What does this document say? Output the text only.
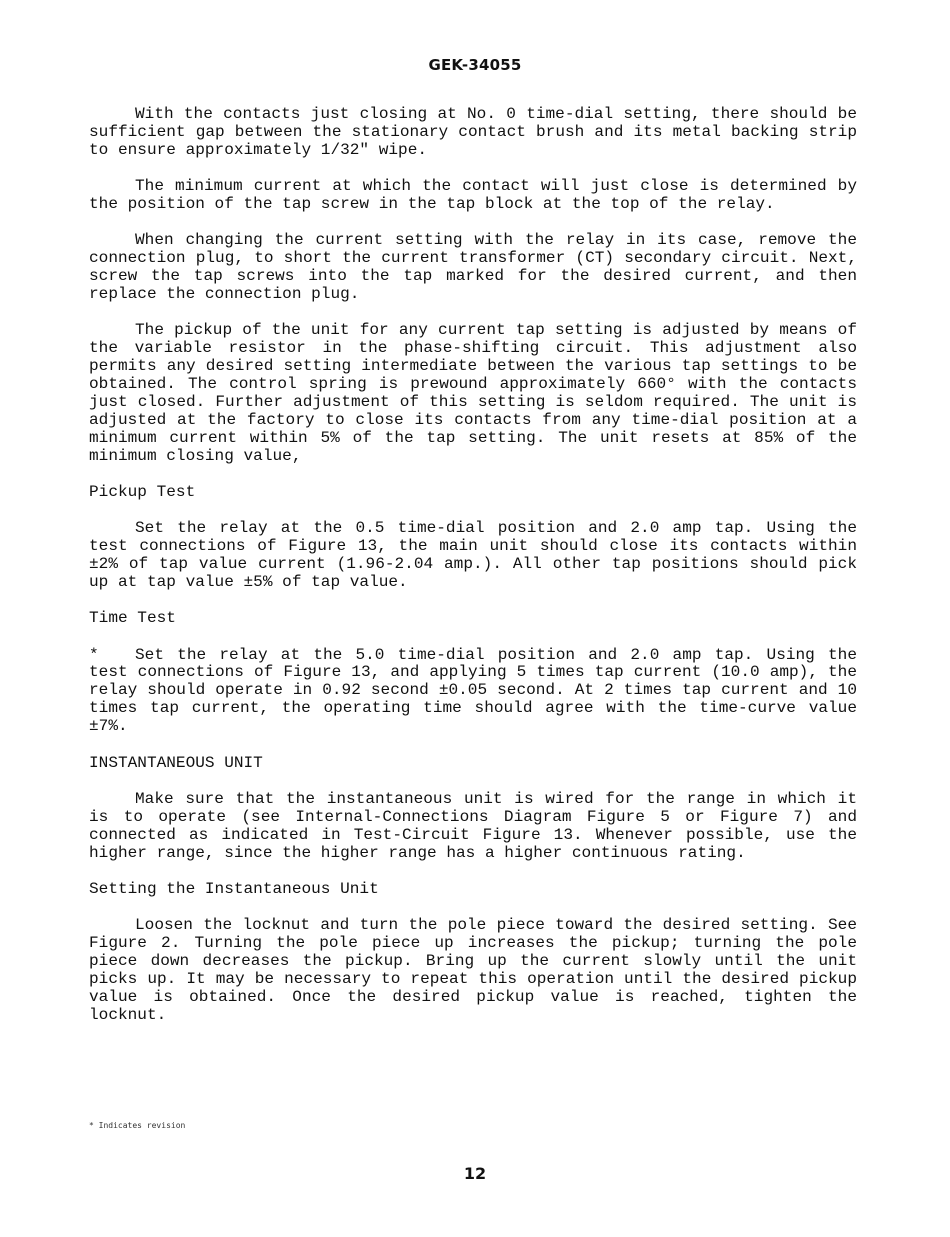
GEK-34055

With the contacts just closing at No. 0 time-dial setting, there should be sufficient gap between the stationary contact brush and its metal backing strip to ensure approximately 1/32" wipe.

The minimum current at which the contact will just close is determined by the position of the tap screw in the tap block at the top of the relay.

When changing the current setting with the relay in its case, remove the connection plug, to short the current transformer (CT) secondary circuit. Next, screw the tap screws into the tap marked for the desired current, and then replace the connection plug.

The pickup of the unit for any current tap setting is adjusted by means of the variable resistor in the phase-shifting circuit. This adjustment also permits any desired setting intermediate between the various tap settings to be obtained. The control spring is prewound approximately 660° with the contacts just closed. Further adjustment of this setting is seldom required. The unit is adjusted at the factory to close its contacts from any time-dial position at a minimum current within 5% of the tap setting. The unit resets at 85% of the minimum closing value,

Pickup Test

Set the relay at the 0.5 time-dial position and 2.0 amp tap. Using the test connections of Figure 13, the main unit should close its contacts within ±2% of tap value current (1.96-2.04 amp.). All other tap positions should pick up at tap value ±5% of tap value.

Time Test

* Set the relay at the 5.0 time-dial position and 2.0 amp tap. Using the test connections of Figure 13, and applying 5 times tap current (10.0 amp), the relay should operate in 0.92 second ±0.05 second. At 2 times tap current and 10 times tap current, the operating time should agree with the time-curve value ±7%.

INSTANTANEOUS UNIT

Make sure that the instantaneous unit is wired for the range in which it is to operate (see Internal-Connections Diagram Figure 5 or Figure 7) and connected as indicated in Test-Circuit Figure 13. Whenever possible, use the higher range, since the higher range has a higher continuous rating.

Setting the Instantaneous Unit

Loosen the locknut and turn the pole piece toward the desired setting. See Figure 2. Turning the pole piece up increases the pickup; turning the pole piece down decreases the pickup. Bring up the current slowly until the unit picks up. It may be necessary to repeat this operation until the desired pickup value is obtained. Once the desired pickup value is reached, tighten the locknut.

* Indicates revision
12
